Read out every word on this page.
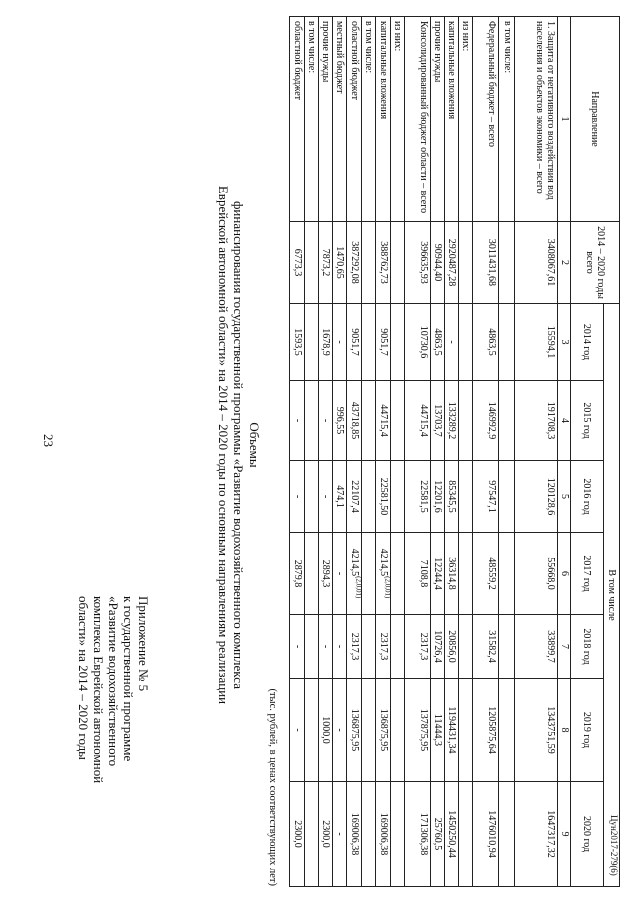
23
Цун2017-279(6)
Приложение № 5
к государственной программе
«Развитие водохозяйственного
комплекса Еврейской автономной
области» на 2014 – 2020 годы
Объемы
финансирования государственной программы «Развитие водохозяйственного комплекса
Еврейской автономной области» на 2014 – 2020 годы по основным направлениям реализации
(тыс. рублей, в ценах соответствующих лет)
Направление	2014 – 2020 годы всего	В том числе						
		2014 год	2015 год	2016 год	2017 год	2018 год	2019 год	2020 год
1	2	3	4	5	6	7	8	9
1. Защита от негативного воздействия вод населения и объектов экономики – всего	3408067,61	15594,1	191708,3	120128,6	55668,0	33899,7	1343751,59	1647317,32
в том числе:								
Федеральный бюджет – всего	3011431,68	4863,5	146992,9	97547,1	48559,2	31582,4	1205875,64	1476010,94
из них:								
капитальные вложения	2920487,28	-	133289,2	85345,5	36314,8	20856,0	1194431,34	1450250,44
прочие нужды	90944,40	4863,5	13703,7	12201,6	12244,4	10726,4	11444,3	25760,5
Консолидированный бюджет области – всего	396635,93	10730,6	44715,4	22581,5	7108,8	2317,3	137875,95	171306,38
из них:								
капитальные вложения	388762,73	9051,7	44715,4	22581,50	4214,5$^{(2,0,01)}$	2317,3	136875,95	169006,38
в том числе:								
областной бюджет	387292,08	9051,7	43718,85	22107,4	4214,5$^{(2,0,01)}$	2317,3	136875,95	169006,38
местный бюджет	1470,65	-	996,55	474,1	-	-	-	-
прочие нужды	7873,2	1678,9	-	-	2894,3	-	1000,0	2300,0
в том числе:								
областной бюджет	6773,3	1593,5	-	-	2879,8	-	-	2300,0
